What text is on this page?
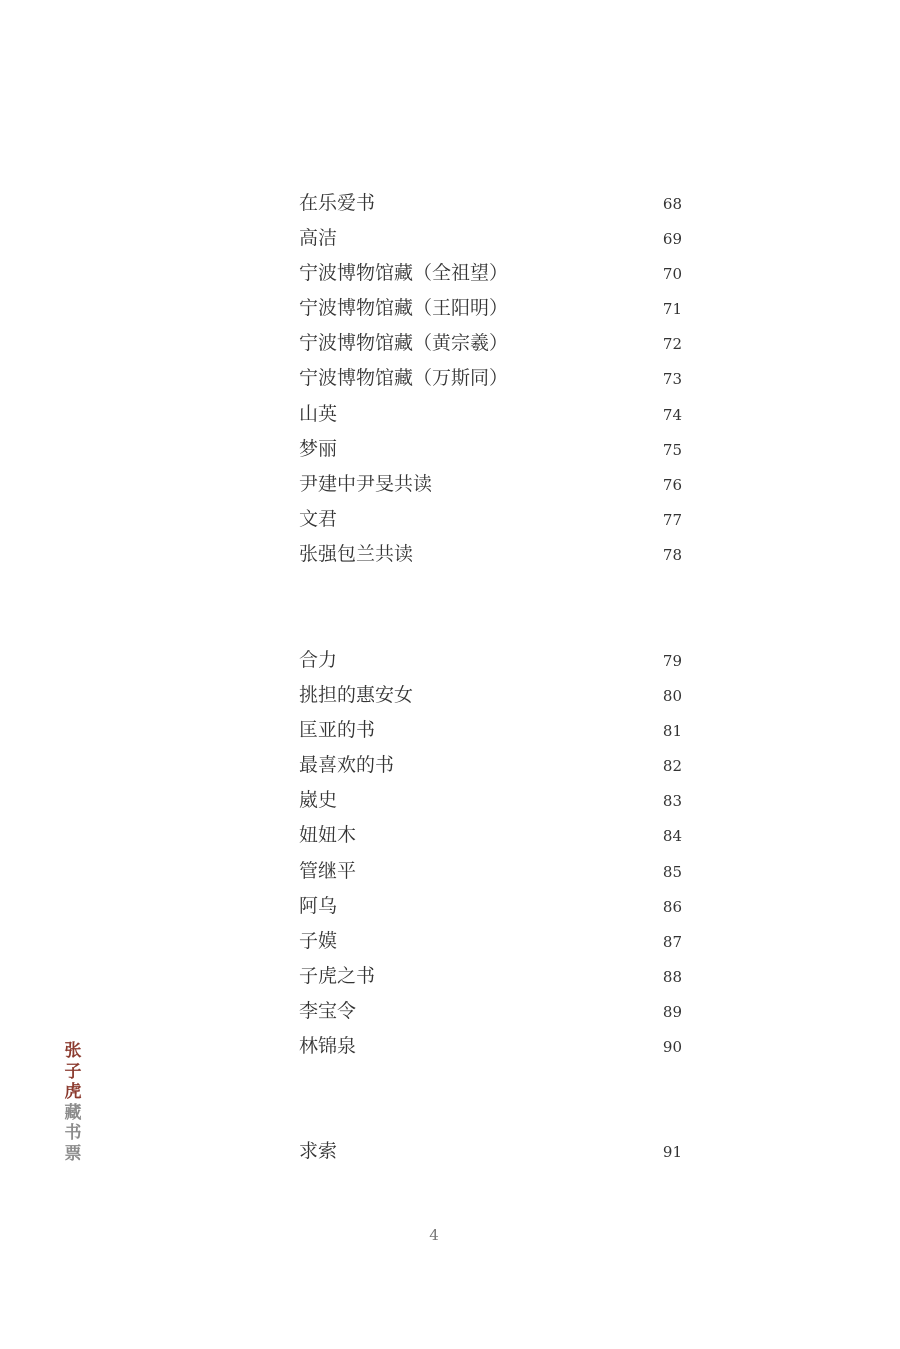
在乐爱书	68
高洁	69
宁波博物馆藏（全祖望）	70
宁波博物馆藏（王阳明）	71
宁波博物馆藏（黄宗羲）	72
宁波博物馆藏（万斯同）	73
山英	74
梦丽	75
尹建中尹旻共读	76
文君	77
张强包兰共读	78
合力	79
挑担的惠安女	80
匡亚的书	81
最喜欢的书	82
崴史	83
妞妞木	84
管继平	85
阿乌	86
子嫫	87
子虎之书	88
李宝令	89
林锦泉	90
求索	91
4
张
子
虎
藏
书
票
